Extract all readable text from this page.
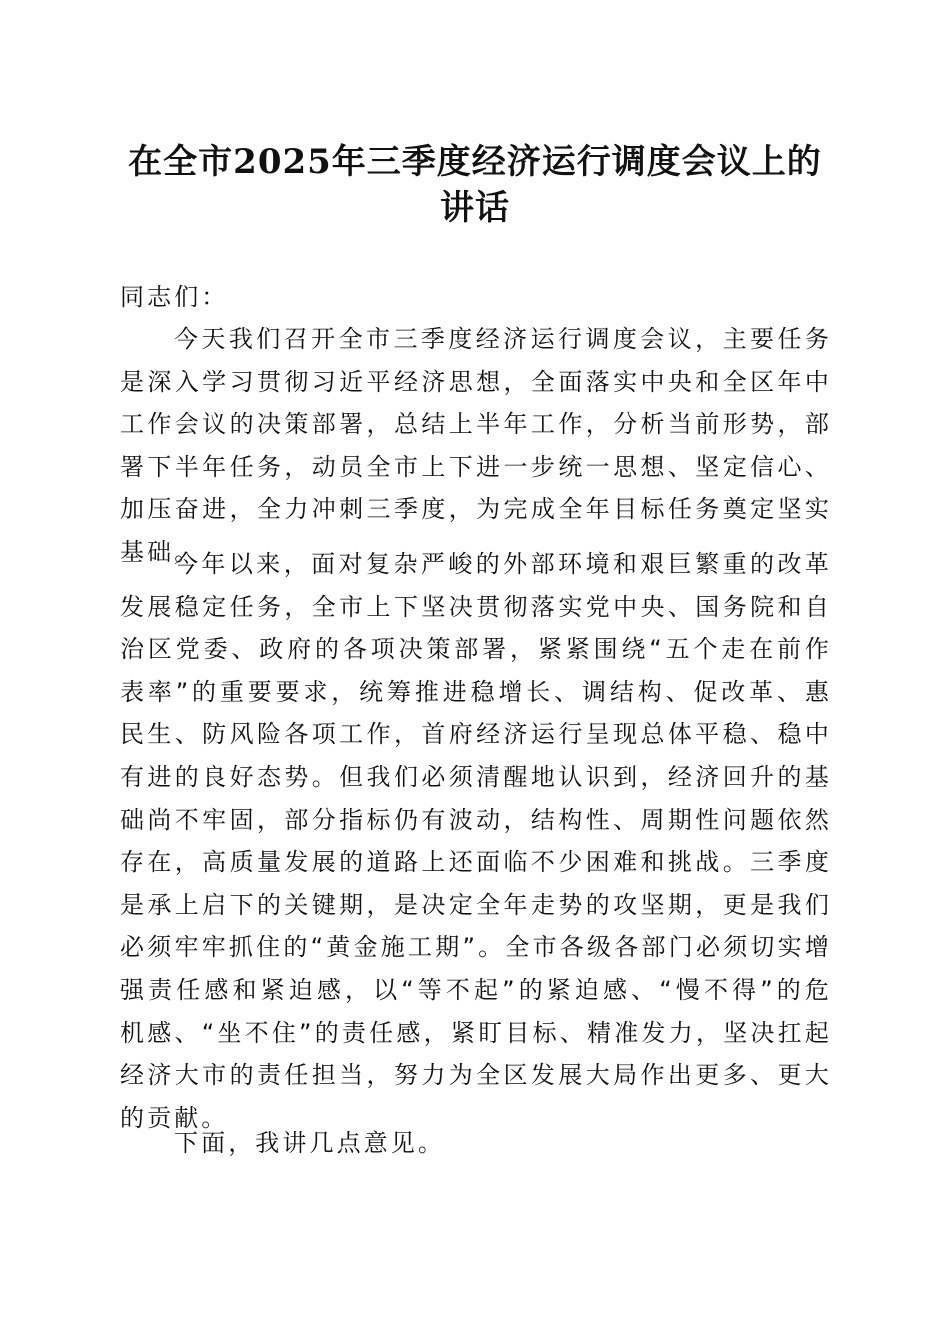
在全市2025年三季度经济运行调度会议上的
讲话

同志们：

今天我们召开全市三季度经济运行调度会议，主要任务是深入学习贯彻习近平经济思想，全面落实中央和全区年中工作会议的决策部署，总结上半年工作，分析当前形势，部署下半年任务，动员全市上下进一步统一思想、坚定信心、加压奋进，全力冲刺三季度，为完成全年目标任务奠定坚实基础。

今年以来，面对复杂严峻的外部环境和艰巨繁重的改革发展稳定任务，全市上下坚决贯彻落实党中央、国务院和自治区党委、政府的各项决策部署，紧紧围绕“五个走在前作表率”的重要要求，统筹推进稳增长、调结构、促改革、惠民生、防风险各项工作，首府经济运行呈现总体平稳、稳中有进的良好态势。但我们必须清醒地认识到，经济回升的基础尚不牢固，部分指标仍有波动，结构性、周期性问题依然存在，高质量发展的道路上还面临不少困难和挑战。三季度是承上启下的关键期，是决定全年走势的攻坚期，更是我们必须牢牢抓住的“黄金施工期”。全市各级各部门必须切实增强责任感和紧迫感，以“等不起”的紧迫感、“慢不得”的危机感、“坐不住”的责任感，紧盯目标、精准发力，坚决扛起经济大市的责任担当，努力为全区发展大局作出更多、更大的贡献。

下面，我讲几点意见。
